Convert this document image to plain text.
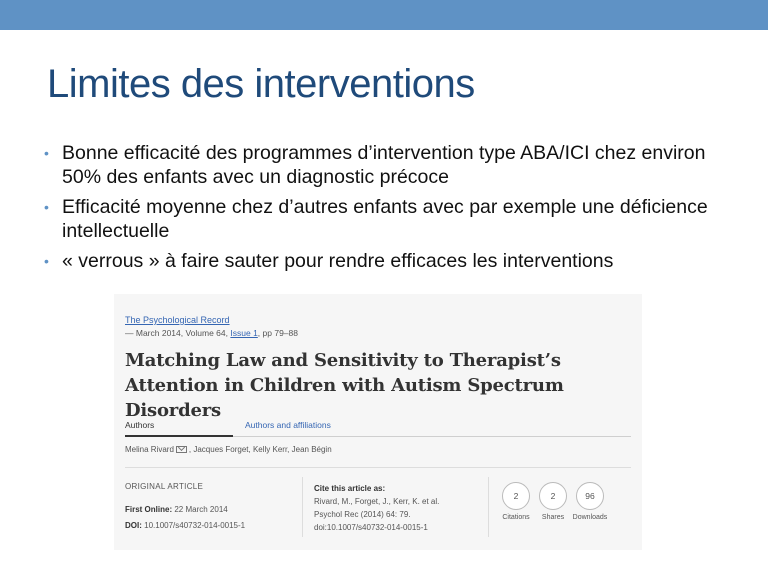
Limites des interventions
• Bonne efficacité des programmes d’intervention type ABA/ICI chez environ 50% des enfants avec un diagnostic précoce
• Efficacité moyenne chez d’autres enfants avec par exemple une déficience intellectuelle
• « verrous » à faire sauter pour rendre efficaces les interventions
The Psychological Record
— March 2014, Volume 64, Issue 1, pp 79–88
Matching Law and Sensitivity to Therapist’s Attention in Children with Autism Spectrum Disorders
Authors	Authors and affiliations
Melina Rivard , Jacques Forget, Kelly Kerr, Jean Bégin
ORIGINAL ARTICLE
First Online: 22 March 2014
DOI: 10.1007/s40732-014-0015-1
Cite this article as:
Rivard, M., Forget, J., Kerr, K. et al.
Psychol Rec (2014) 64: 79.
doi:10.1007/s40732-014-0015-1
2
Citations
2
Shares
96
Downloads
